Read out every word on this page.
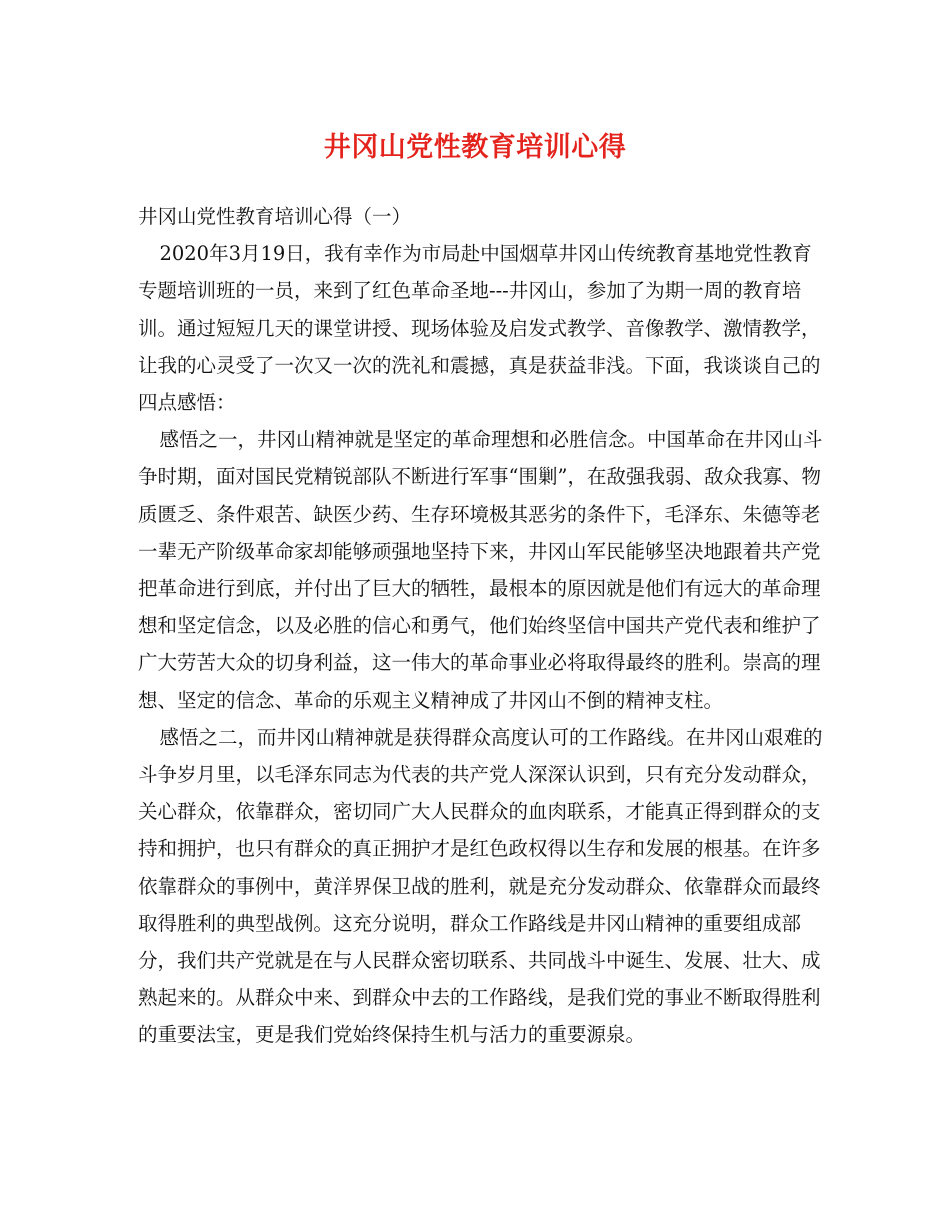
井冈山党性教育培训心得

井冈山党性教育培训心得（一）

2020年3月19日，我有幸作为市局赴中国烟草井冈山传统教育基地党性教育专题培训班的一员，来到了红色革命圣地---井冈山，参加了为期一周的教育培训。通过短短几天的课堂讲授、现场体验及启发式教学、音像教学、激情教学，让我的心灵受了一次又一次的洗礼和震撼，真是获益非浅。下面，我谈谈自己的四点感悟：

感悟之一，井冈山精神就是坚定的革命理想和必胜信念。中国革命在井冈山斗争时期，面对国民党精锐部队不断进行军事“围剿”，在敌强我弱、敌众我寡、物质匮乏、条件艰苦、缺医少药、生存环境极其恶劣的条件下，毛泽东、朱德等老一辈无产阶级革命家却能够顽强地坚持下来，井冈山军民能够坚决地跟着共产党把革命进行到底，并付出了巨大的牺牲，最根本的原因就是他们有远大的革命理想和坚定信念，以及必胜的信心和勇气，他们始终坚信中国共产党代表和维护了广大劳苦大众的切身利益，这一伟大的革命事业必将取得最终的胜利。崇高的理想、坚定的信念、革命的乐观主义精神成了井冈山不倒的精神支柱。

感悟之二，而井冈山精神就是获得群众高度认可的工作路线。在井冈山艰难的斗争岁月里，以毛泽东同志为代表的共产党人深深认识到，只有充分发动群众，关心群众，依靠群众，密切同广大人民群众的血肉联系，才能真正得到群众的支持和拥护，也只有群众的真正拥护才是红色政权得以生存和发展的根基。在许多依靠群众的事例中，黄洋界保卫战的胜利，就是充分发动群众、依靠群众而最终取得胜利的典型战例。这充分说明，群众工作路线是井冈山精神的重要组成部分，我们共产党就是在与人民群众密切联系、共同战斗中诞生、发展、壮大、成熟起来的。从群众中来、到群众中去的工作路线，是我们党的事业不断取得胜利的重要法宝，更是我们党始终保持生机与活力的重要源泉。
